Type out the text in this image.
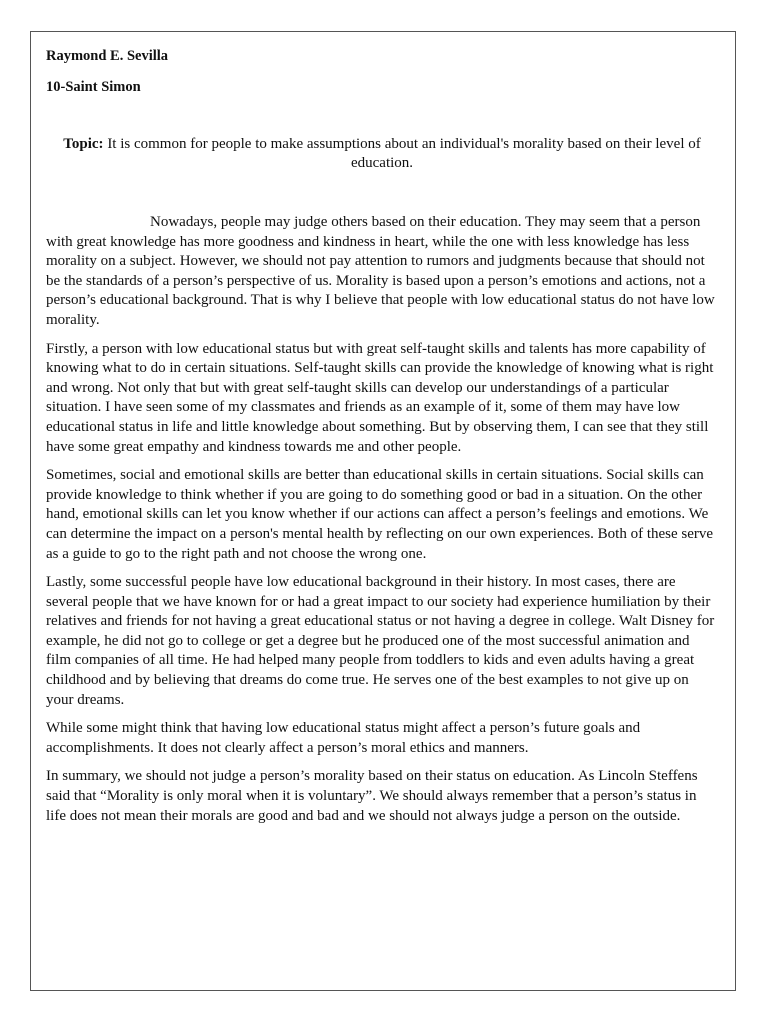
Raymond E. Sevilla

10-Saint Simon

Topic: It is common for people to make assumptions about an individual's morality based on their level of education.

Nowadays, people may judge others based on their education. They may seem that a person with great knowledge has more goodness and kindness in heart, while the one with less knowledge has less morality on a subject. However, we should not pay attention to rumors and judgments because that should not be the standards of a person’s perspective of us. Morality is based upon a person’s emotions and actions, not a person’s educational background. That is why I believe that people with low educational status do not have low morality.

Firstly, a person with low educational status but with great self-taught skills and talents has more capability of knowing what to do in certain situations. Self-taught skills can provide the knowledge of knowing what is right and wrong. Not only that but with great self-taught skills can develop our understandings of a particular situation. I have seen some of my classmates and friends as an example of it, some of them may have low educational status in life and little knowledge about something. But by observing them, I can see that they still have some great empathy and kindness towards me and other people.

Sometimes, social and emotional skills are better than educational skills in certain situations. Social skills can provide knowledge to think whether if you are going to do something good or bad in a situation. On the other hand, emotional skills can let you know whether if our actions can affect a person’s feelings and emotions. We can determine the impact on a person's mental health by reflecting on our own experiences. Both of these serve as a guide to go to the right path and not choose the wrong one.

Lastly, some successful people have low educational background in their history. In most cases, there are several people that we have known for or had a great impact to our society had experience humiliation by their relatives and friends for not having a great educational status or not having a degree in college. Walt Disney for example, he did not go to college or get a degree but he produced one of the most successful animation and film companies of all time. He had helped many people from toddlers to kids and even adults having a great childhood and by believing that dreams do come true. He serves one of the best examples to not give up on your dreams.

While some might think that having low educational status might affect a person’s future goals and accomplishments. It does not clearly affect a person’s moral ethics and manners.

In summary, we should not judge a person’s morality based on their status on education. As Lincoln Steffens said that “Morality is only moral when it is voluntary”. We should always remember that a person’s status in life does not mean their morals are good and bad and we should not always judge a person on the outside.
